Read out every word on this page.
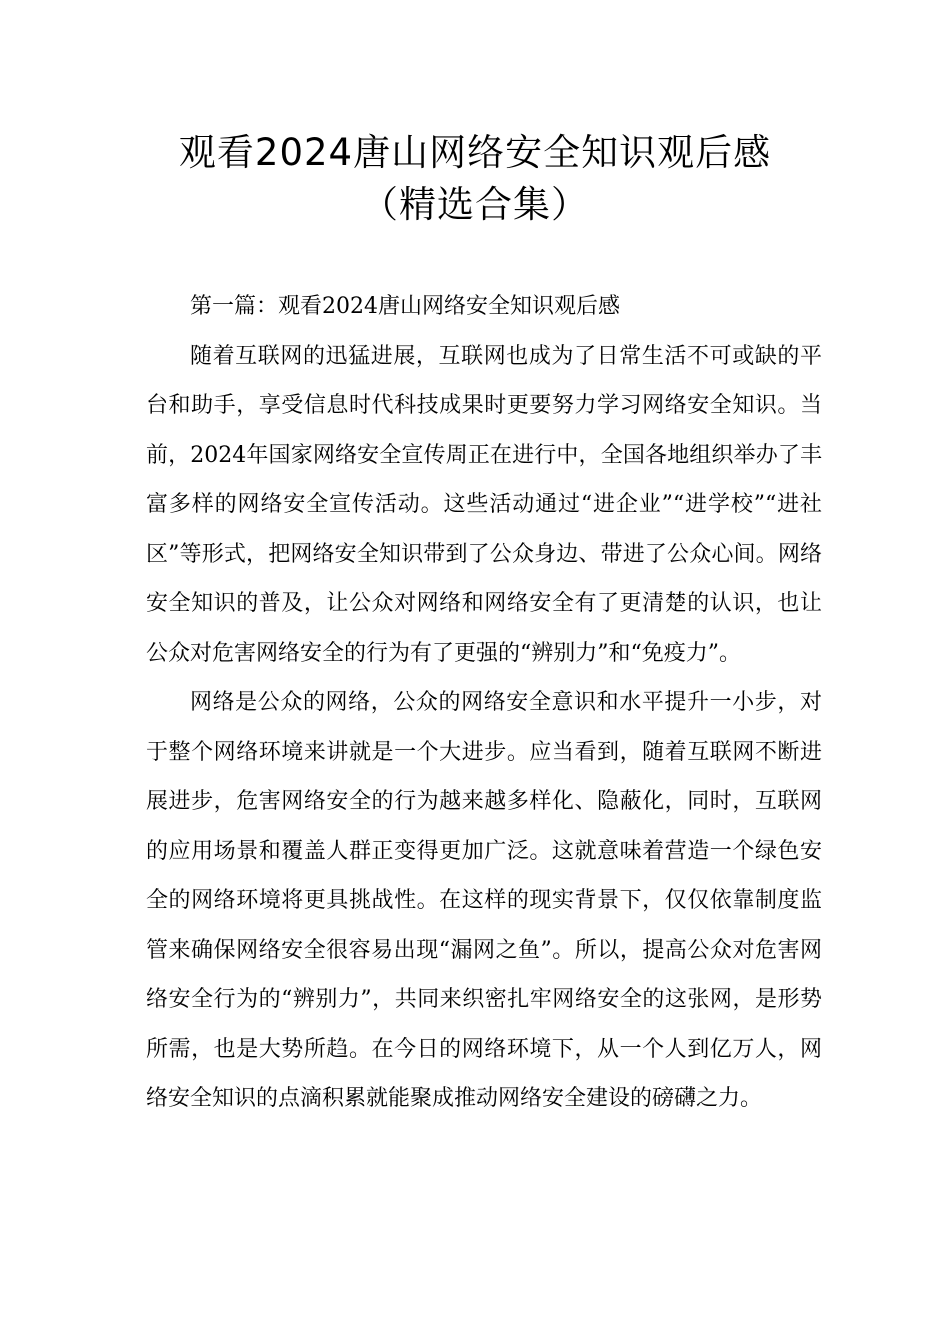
观看2024唐山网络安全知识观后感
（精选合集）

第一篇：观看2024唐山网络安全知识观后感

随着互联网的迅猛进展，互联网也成为了日常生活不可或缺的平台和助手，享受信息时代科技成果时更要努力学习网络安全知识。当前，2024年国家网络安全宣传周正在进行中，全国各地组织举办了丰富多样的网络安全宣传活动。这些活动通过“进企业”“进学校”“进社区”等形式，把网络安全知识带到了公众身边、带进了公众心间。网络安全知识的普及，让公众对网络和网络安全有了更清楚的认识，也让公众对危害网络安全的行为有了更强的“辨别力”和“免疫力”。

网络是公众的网络，公众的网络安全意识和水平提升一小步，对于整个网络环境来讲就是一个大进步。应当看到，随着互联网不断进展进步，危害网络安全的行为越来越多样化、隐蔽化，同时，互联网的应用场景和覆盖人群正变得更加广泛。这就意味着营造一个绿色安全的网络环境将更具挑战性。在这样的现实背景下，仅仅依靠制度监管来确保网络安全很容易出现“漏网之鱼”。所以，提高公众对危害网络安全行为的“辨别力”，共同来织密扎牢网络安全的这张网，是形势所需，也是大势所趋。在今日的网络环境下，从一个人到亿万人，网络安全知识的点滴积累就能聚成推动网络安全建设的磅礴之力。
